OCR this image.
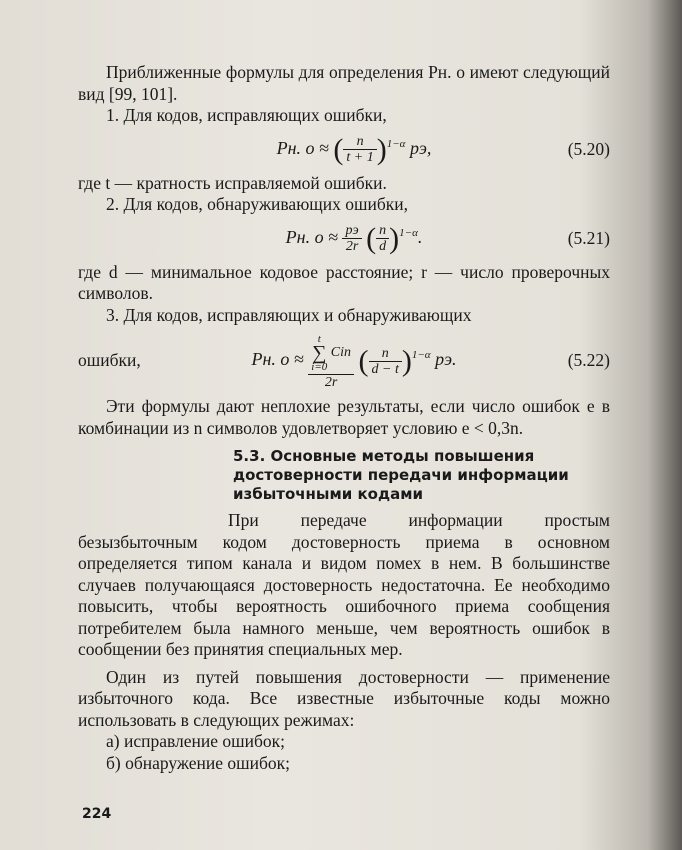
Приближенные формулы для определения Pн. о имеют следующий вид [99, 101].

1. Для кодов, исправляющих ошибки,

Pн. о ≈ ( $\frac{n}{t + 1} )^{1-\alpha}$ pэ,	(5.20)

где t — кратность исправляемой ошибки.

2. Для кодов, обнаруживающих ошибки,

Pн. $о \approx \frac{pэ}{2r}$ ( $\frac{n}{d} )^{1-\alpha}$.	(5.21)

где d — минимальное кодовое расстояние; r — число проверочных символов.

3. Для кодов, исправляющих и обнаруживающих

ошибки,	Pн. о ≈ t
∑
i=0
Cin
2r ( $\frac{n}{d - t} )^{1-\alpha}$ pэ.	(5.22)

Эти формулы дают неплохие результаты, если число ошибок e в комбинации из n символов удовлетворяет условию e < 0,3n.

5.3. Основные методы повышения достоверности передачи информации избыточными кодами

При передаче информации простым безызбыточным кодом достоверность приема в основном определяется типом канала и видом помех в нем. В большинстве случаев получающаяся достоверность недостаточна. Ее необходимо повысить, чтобы вероятность ошибочного приема сообщения потребителем была намного меньше, чем вероятность ошибок в сообщении без принятия специальных мер.

Один из путей повышения достоверности — применение избыточного кода. Все известные избыточные коды можно использовать в следующих режимах:

а) исправление ошибок;
б) обнаружение ошибок;
224
